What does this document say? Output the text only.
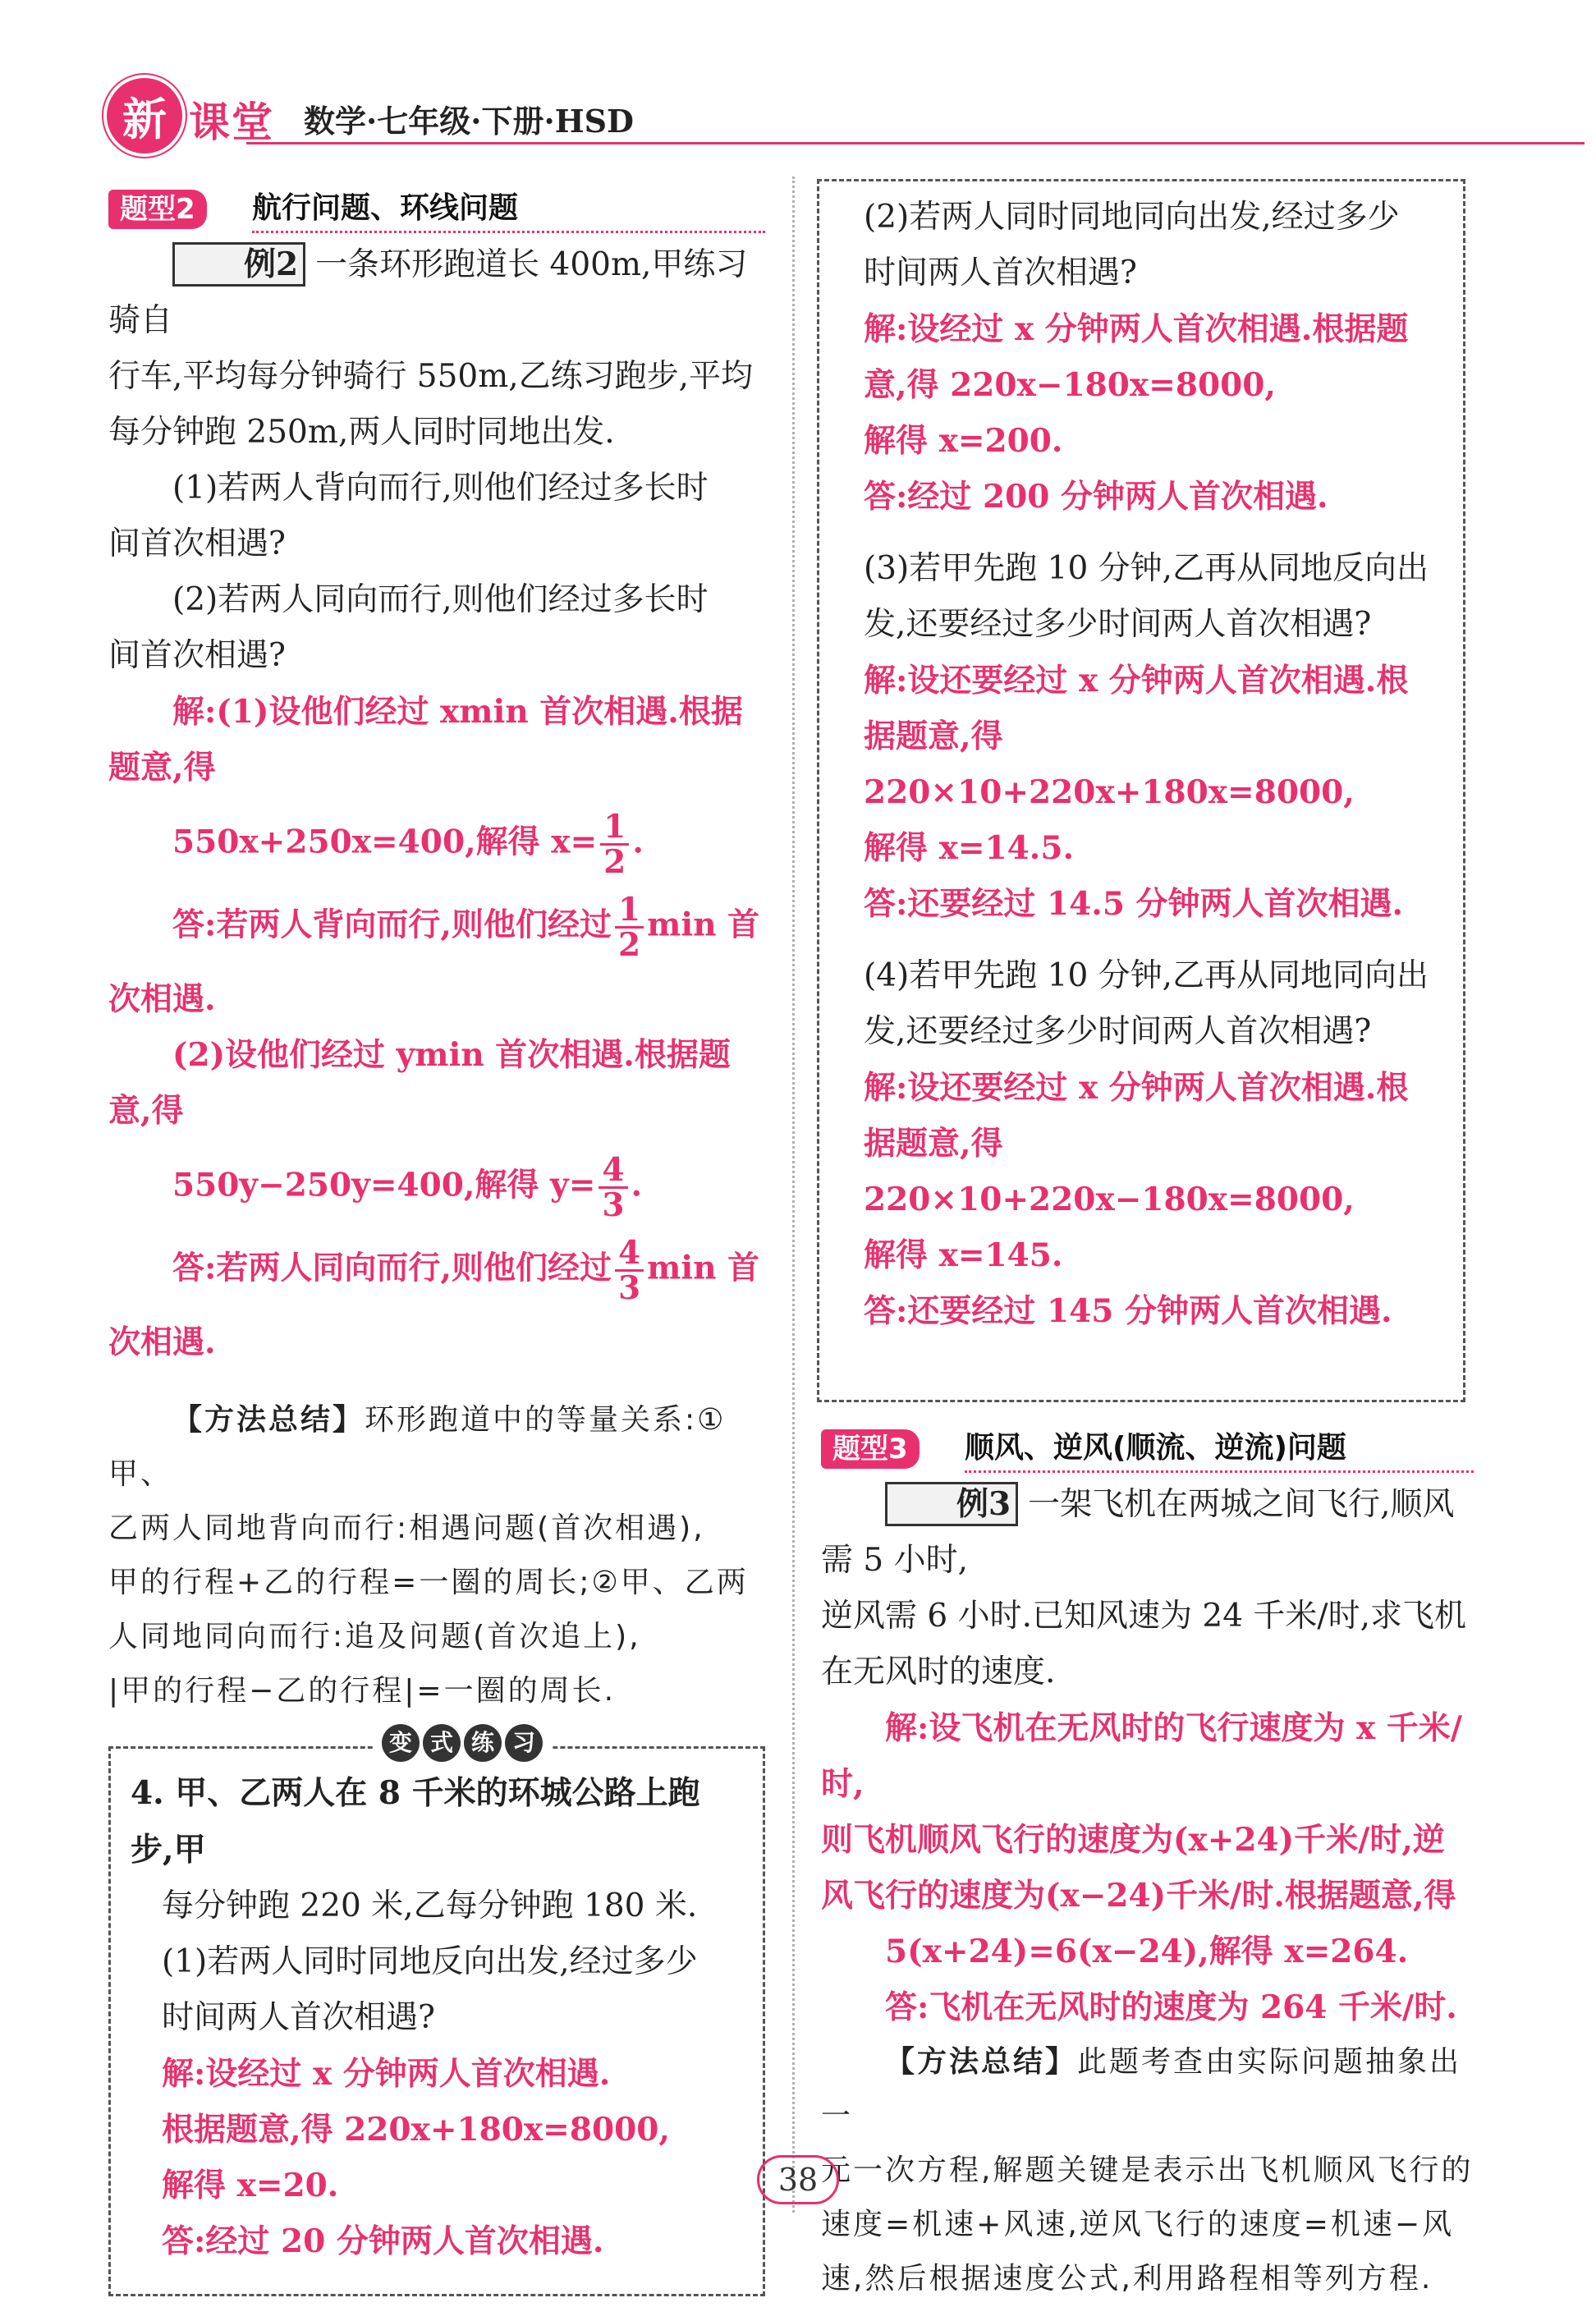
新 课堂 数学·七年级·下册·HSD
题型2	航行问题、环线问题

例2 一条环形跑道长 400m,甲练习骑自

行车,平均每分钟骑行 550m,乙练习跑步,平均

每分钟跑 250m,两人同时同地出发.

(1)若两人背向而行,则他们经过多长时

间首次相遇?

(2)若两人同向而行,则他们经过多长时

间首次相遇?

解:(1)设他们经过 xmin 首次相遇.根据

题意,得

550x+250x=400,解得 $x= \frac{1}{2}$ .

答:若两人背向而行,则他们经过 $\frac{1}{2}$ min 首

次相遇.

(2)设他们经过 ymin 首次相遇.根据题

意,得

550y−250y=400,解得 $y= \frac{4}{3}$ .

答:若两人同向而行,则他们经过 $\frac{4}{3}$ min 首

次相遇.

【方法总结】环形跑道中的等量关系:①甲、

乙两人同地背向而行:相遇问题(首次相遇),

甲的行程+乙的行程=一圈的周长;②甲、乙两

人同地同向而行:追及问题(首次追上),

|甲的行程−乙的行程|=一圈的周长.

变 式 练 习

4. 甲、乙两人在 8 千米的环城公路上跑步,甲

每分钟跑 220 米,乙每分钟跑 180 米.

(1)若两人同时同地反向出发,经过多少

时间两人首次相遇?

解:设经过 x 分钟两人首次相遇.

根据题意,得 220x+180x=8000,

解得 x=20.

答:经过 20 分钟两人首次相遇.

(2)若两人同时同地同向出发,经过多少

时间两人首次相遇?

解:设经过 x 分钟两人首次相遇.根据题

意,得 220x−180x=8000,

解得 x=200.

答:经过 200 分钟两人首次相遇.

(3)若甲先跑 10 分钟,乙再从同地反向出

发,还要经过多少时间两人首次相遇?

解:设还要经过 x 分钟两人首次相遇.根

据题意,得

220×10+220x+180x=8000,

解得 x=14.5.

答:还要经过 14.5 分钟两人首次相遇.

(4)若甲先跑 10 分钟,乙再从同地同向出

发,还要经过多少时间两人首次相遇?

解:设还要经过 x 分钟两人首次相遇.根

据题意,得

220×10+220x−180x=8000,

解得 x=145.

答:还要经过 145 分钟两人首次相遇.

题型3	顺风、逆风(顺流、逆流)问题

例3 一架飞机在两城之间飞行,顺风需 5 小时,

逆风需 6 小时.已知风速为 24 千米/时,求飞机

在无风时的速度.

解:设飞机在无风时的飞行速度为 x 千米/时,

则飞机顺风飞行的速度为(x+24)千米/时,逆

风飞行的速度为(x−24)千米/时.根据题意,得

5(x+24)=6(x−24),解得 x=264.

答:飞机在无风时的速度为 264 千米/时.

【方法总结】此题考查由实际问题抽象出一

元一次方程,解题关键是表示出飞机顺风飞行的

速度=机速+风速,逆风飞行的速度=机速−风

速,然后根据速度公式,利用路程相等列方程.

38
